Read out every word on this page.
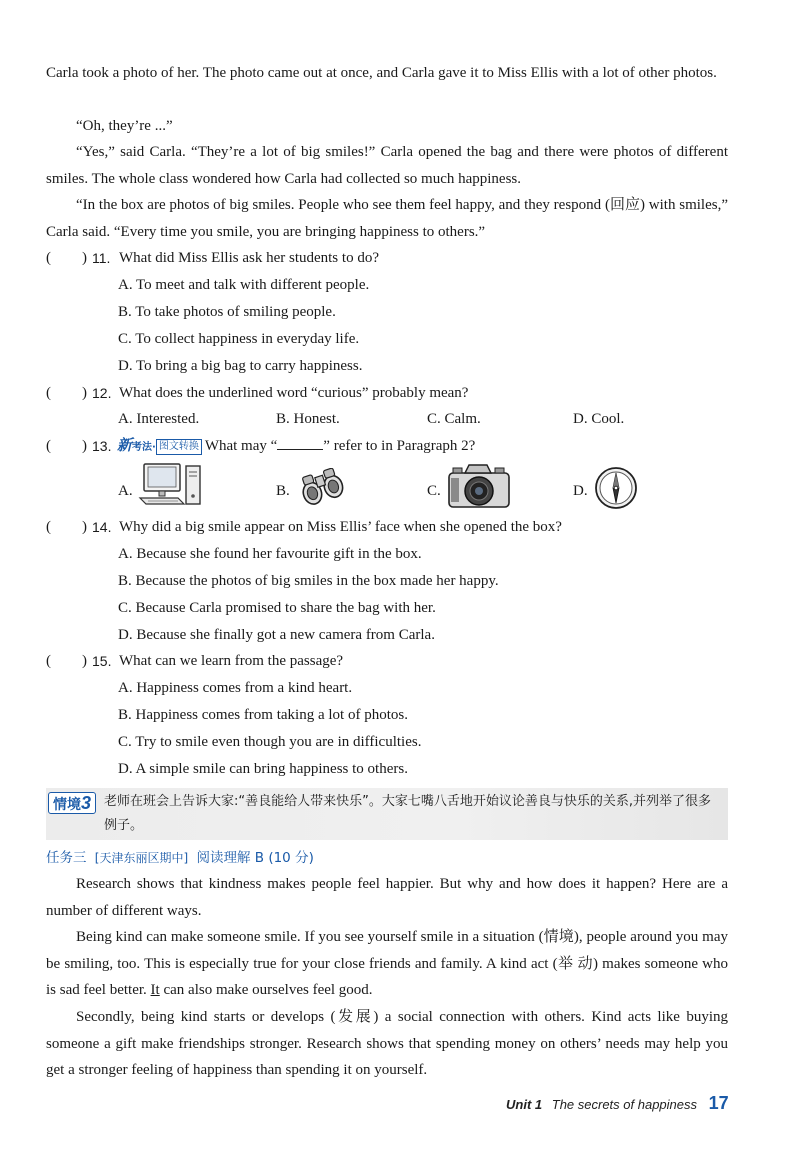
Carla took a photo of her. The photo came out at once, and Carla gave it to Miss Ellis with a lot of other photos.

“Oh, they’re ...”

“Yes,” said Carla. “They’re a lot of big smiles!” Carla opened the bag and there were photos of different smiles. The whole class wondered how Carla had collected so much happiness.

“In the box are photos of big smiles. People who see them feel happy, and they respond (回应) with smiles,” Carla said. “Every time you smile, you are bringing happiness to others.”

( ) 11. What did Miss Ellis ask her students to do?
A. To meet and talk with different people.
B. To take photos of smiling people.
C. To collect happiness in everyday life.
D. To bring a big bag to carry happiness.
( ) 12. What does the underlined word “curious” probably mean?
A. Interested.	B. Honest.	C. Calm.	D. Cool.
( ) 13. 新考法· 图文转换 What may “	” refer to in Paragraph 2?
A.	B.	C.	D.
( ) 14. Why did a big smile appear on Miss Ellis’ face when she opened the box?
A. Because she found her favourite gift in the box.
B. Because the photos of big smiles in the box made her happy.
C. Because Carla promised to share the bag with her.
D. Because she finally got a new camera from Carla.
( ) 15. What can we learn from the passage?
A. Happiness comes from a kind heart.
B. Happiness comes from taking a lot of photos.
C. Try to smile even though you are in difficulties.
D. A simple smile can bring happiness to others.
情境3 老师在班会上告诉大家:“善良能给人带来快乐”。大家七嘴八舌地开始议论善良与快乐的关系,并列举了很多例子。
任务三 [天津东丽区期中] 阅读理解 B (10 分)

Research shows that kindness makes people feel happier. But why and how does it happen? Here are a number of different ways.

Being kind can make someone smile. If you see yourself smile in a situation (情境), people around you may be smiling, too. This is especially true for your close friends and family. A kind act (举 动) makes someone who is sad feel better. It can also make ourselves feel good.

Secondly, being kind starts or develops (发展) a social connection with others. Kind acts like buying someone a gift make friendships stronger. Research shows that spending money on others’ needs may help you get a stronger feeling of happiness than spending it on yourself.

Unit 1 The secrets of happiness 17
